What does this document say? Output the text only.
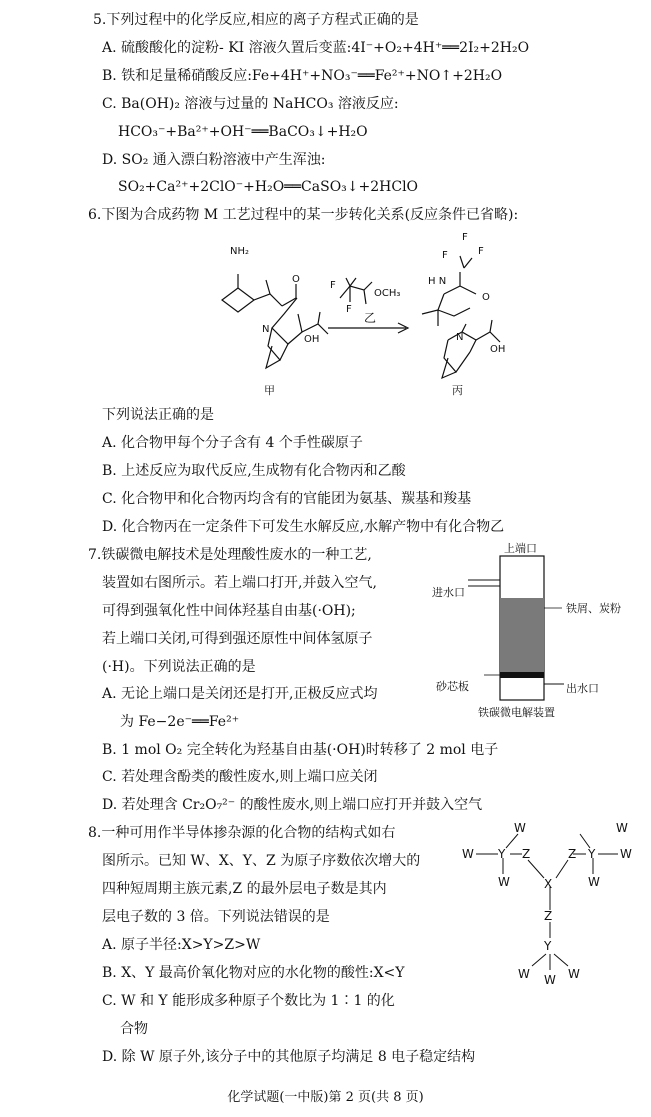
5.下列过程中的化学反应,相应的离子方程式正确的是
A. 硫酸酸化的淀粉- KI 溶液久置后变蓝:4I⁻+O₂+4H⁺══2I₂+2H₂O
B. 铁和足量稀硝酸反应:Fe+4H⁺+NO₃⁻══Fe²⁺+NO↑+2H₂O
C. Ba(OH)₂ 溶液与过量的 NaHCO₃ 溶液反应:
HCO₃⁻+Ba²⁺+OH⁻══BaCO₃↓+H₂O
D. SO₂ 通入漂白粉溶液中产生浑浊:
SO₂+Ca²⁺+2ClO⁻+H₂O══CaSO₃↓+2HClO
6.下图为合成药物 M 工艺过程中的某一步转化关系(反应条件已省略):
NH₂
O
N
OH
甲
F
F
OCH₃
乙
F
F
F
H N
O
N
OH
丙
下列说法正确的是
A. 化合物甲每个分子含有 4 个手性碳原子
B. 上述反应为取代反应,生成物有化合物丙和乙酸
C. 化合物甲和化合物丙均含有的官能团为氨基、羰基和羧基
D. 化合物丙在一定条件下可发生水解反应,水解产物中有化合物乙
7.铁碳微电解技术是处理酸性废水的一种工艺,
装置如右图所示。若上端口打开,并鼓入空气,
可得到强氧化性中间体羟基自由基(·OH);
若上端口关闭,可得到强还原性中间体氢原子
(·H)。下列说法正确的是
A. 无论上端口是关闭还是打开,正极反应式均
为 Fe−2e⁻══Fe²⁺
B. 1 mol O₂ 完全转化为羟基自由基(·OH)时转移了 2 mol 电子
C. 若处理含酚类的酸性废水,则上端口应关闭
D. 若处理含 Cr₂O₇²⁻ 的酸性废水,则上端口应打开并鼓入空气
上端口
进水口
铁屑、炭粉
砂芯板	出水口
铁碳微电解装置
8.一种可用作半导体掺杂源的化合物的结构式如右
图所示。已知 W、X、Y、Z 为原子序数依次增大的
四种短周期主族元素,Z 的最外层电子数是其内
层电子数的 3 倍。下列说法错误的是
A. 原子半径:X>Y>Z>W
B. X、Y 最高价氧化物对应的水化物的酸性:X<Y
C. W 和 Y 能形成多种原子个数比为 1∶1 的化
合物
D. 除 W 原子外,该分子中的其他原子均满足 8 电子稳定结构
W
W
Y
W
Z
X
Z Y W
W
W
Z
Y
W W W
化学试题(一中版)第 2 页(共 8 页)
